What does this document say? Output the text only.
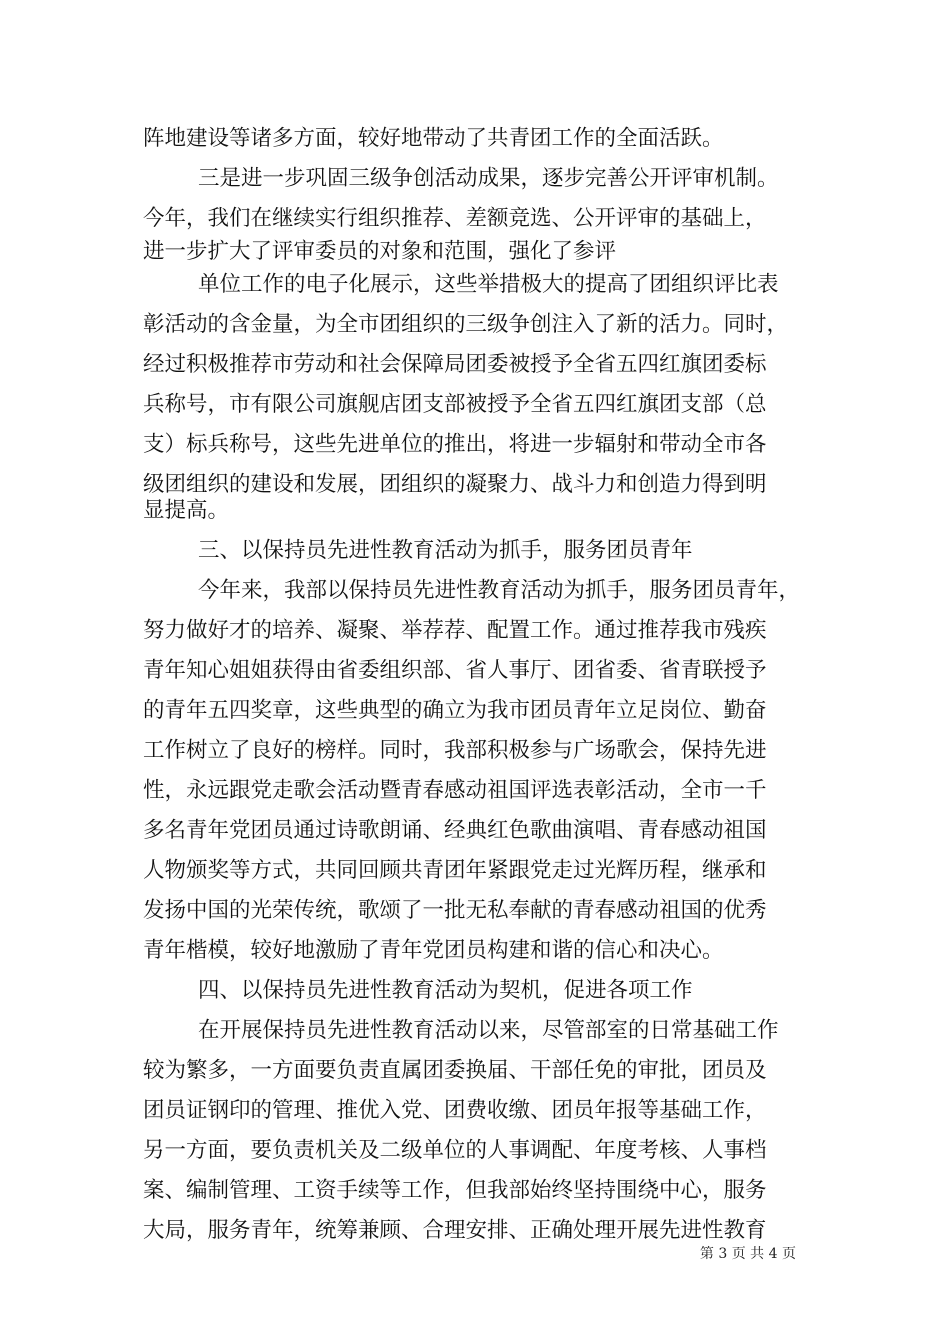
阵地建设等诸多方面，较好地带动了共青团工作的全面活跃。
三是进一步巩固三级争创活动成果，逐步完善公开评审机制。
今年，我们在继续实行组织推荐、差额竞选、公开评审的基础上，
进一步扩大了评审委员的对象和范围，强化了参评
单位工作的电子化展示，这些举措极大的提高了团组织评比表
彰活动的含金量，为全市团组织的三级争创注入了新的活力。同时，
经过积极推荐市劳动和社会保障局团委被授予全省五四红旗团委标
兵称号，市有限公司旗舰店团支部被授予全省五四红旗团支部（总
支）标兵称号，这些先进单位的推出，将进一步辐射和带动全市各
级团组织的建设和发展，团组织的凝聚力、战斗力和创造力得到明
显提高。
三、以保持员先进性教育活动为抓手，服务团员青年
今年来，我部以保持员先进性教育活动为抓手，服务团员青年，
努力做好才的培养、凝聚、举荐荐、配置工作。通过推荐我市残疾
青年知心姐姐获得由省委组织部、省人事厅、团省委、省青联授予
的青年五四奖章，这些典型的确立为我市团员青年立足岗位、勤奋
工作树立了良好的榜样。同时，我部积极参与广场歌会，保持先进
性，永远跟党走歌会活动暨青春感动祖国评选表彰活动，全市一千
多名青年党团员通过诗歌朗诵、经典红色歌曲演唱、青春感动祖国
人物颁奖等方式，共同回顾共青团年紧跟党走过光辉历程，继承和
发扬中国的光荣传统，歌颂了一批无私奉献的青春感动祖国的优秀
青年楷模，较好地激励了青年党团员构建和谐的信心和决心。
四、以保持员先进性教育活动为契机，促进各项工作
在开展保持员先进性教育活动以来，尽管部室的日常基础工作
较为繁多，一方面要负责直属团委换届、干部任免的审批，团员及
团员证钢印的管理、推优入党、团费收缴、团员年报等基础工作，
另一方面，要负责机关及二级单位的人事调配、年度考核、人事档
案、编制管理、工资手续等工作，但我部始终坚持围绕中心，服务
大局，服务青年，统筹兼顾、合理安排、正确处理开展先进性教育
第 3 页 共 4 页
